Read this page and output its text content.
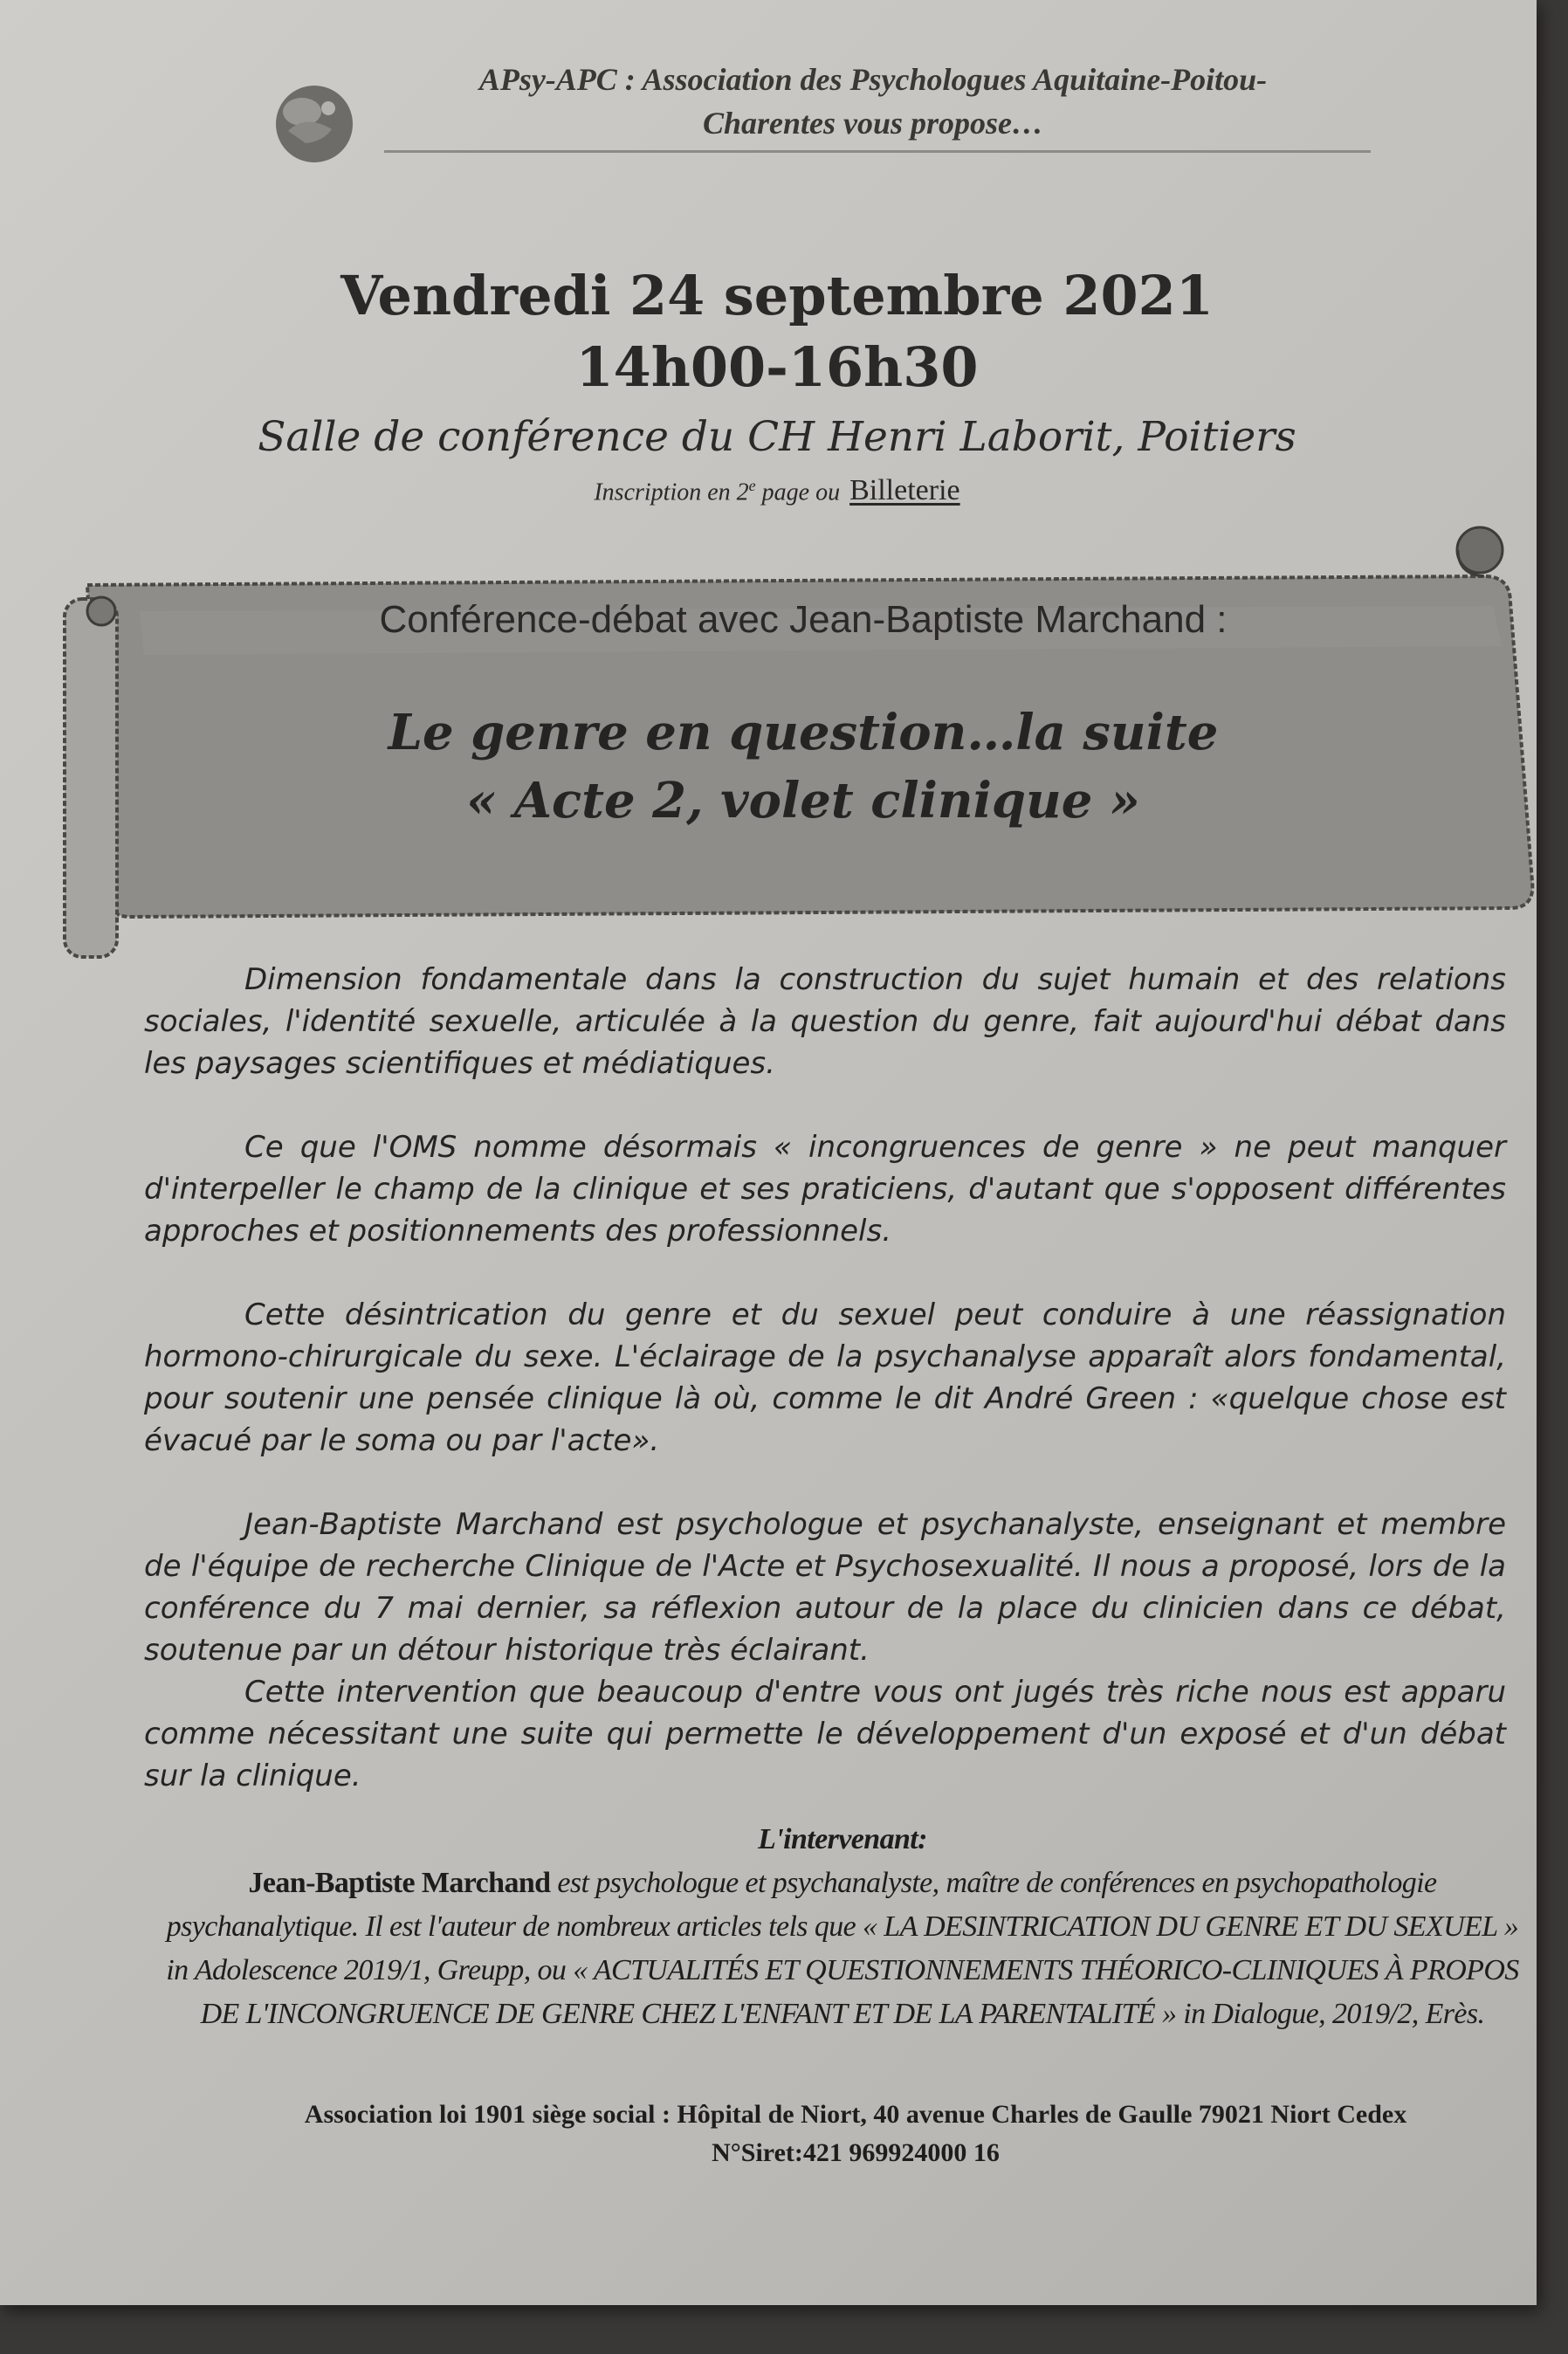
APsy-APC : Association des Psychologues Aquitaine-Poitou-
Charentes vous propose…
Vendredi 24 septembre 2021
14h00-16h30
Salle de conférence du CH Henri Laborit, Poitiers
Inscription en 2e page ou Billeterie
Conférence-débat avec Jean-Baptiste Marchand :
Le genre en question…la suite
« Acte 2, volet clinique »

Dimension fondamentale dans la construction du sujet humain et des relations sociales, l'identité sexuelle, articulée à la question du genre, fait aujourd'hui débat dans les paysages scientifiques et médiatiques.

Ce que l'OMS nomme désormais « incongruences de genre » ne peut manquer d'interpeller le champ de la clinique et ses praticiens, d'autant que s'opposent différentes approches et positionnements des professionnels.

Cette désintrication du genre et du sexuel peut conduire à une réassignation hormono-chirurgicale du sexe. L'éclairage de la psychanalyse apparaît alors fondamental, pour soutenir une pensée clinique là où, comme le dit André Green : «quelque chose est évacué par le soma ou par l'acte».

Jean-Baptiste Marchand est psychologue et psychanalyste, enseignant et membre de l'équipe de recherche Clinique de l'Acte et Psychosexualité. Il nous a proposé, lors de la conférence du 7 mai dernier, sa réflexion autour de la place du clinicien dans ce débat, soutenue par un détour historique très éclairant.

Cette intervention que beaucoup d'entre vous ont jugés très riche nous est apparu comme nécessitant une suite qui permette le développement d'un exposé et d'un débat sur la clinique.

L'intervenant:
Jean-Baptiste Marchand est psychologue et psychanalyste, maître de conférences en psychopathologie psychanalytique. Il est l'auteur de nombreux articles tels que « LA DESINTRICATION DU GENRE ET DU SEXUEL » in Adolescence 2019/1, Greupp, ou « ACTUALITÉS ET QUESTIONNEMENTS THÉORICO-CLINIQUES À PROPOS DE L'INCONGRUENCE DE GENRE CHEZ L'ENFANT ET DE LA PARENTALITÉ » in Dialogue, 2019/2, Erès.
Association loi 1901 siège social : Hôpital de Niort, 40 avenue Charles de Gaulle 79021 Niort Cedex
N°Siret:421 969924000 16
